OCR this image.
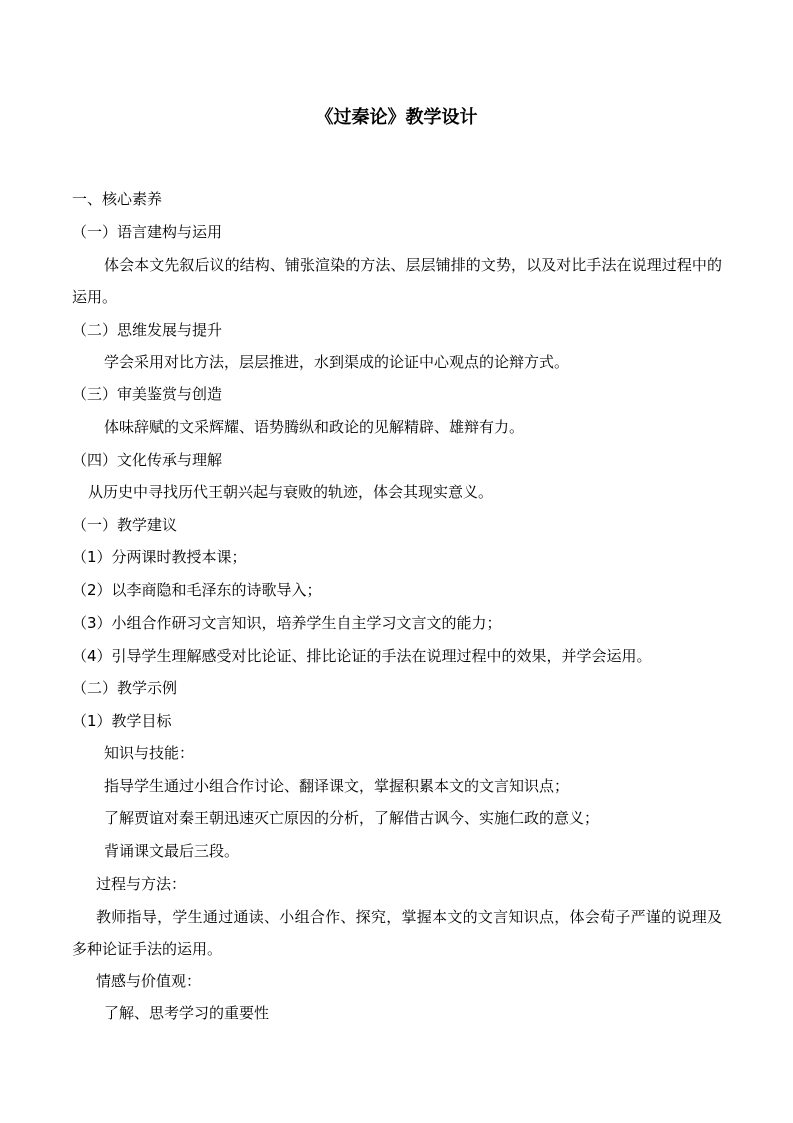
《过秦论》教学设计
一、核心素养
（一）语言建构与运用
体会本文先叙后议的结构、铺张渲染的方法、层层铺排的文势，以及对比手法在说理过程中的运用。
（二）思维发展与提升
学会采用对比方法，层层推进，水到渠成的论证中心观点的论辩方式。
（三）审美鉴赏与创造
体味辞赋的文采辉耀、语势腾纵和政论的见解精辟、雄辩有力。
（四）文化传承与理解
从历史中寻找历代王朝兴起与衰败的轨迹，体会其现实意义。
（一）教学建议
（1）分两课时教授本课；
（2）以李商隐和毛泽东的诗歌导入；
（3）小组合作研习文言知识，培养学生自主学习文言文的能力；
（4）引导学生理解感受对比论证、排比论证的手法在说理过程中的效果，并学会运用。
（二）教学示例
（1）教学目标
知识与技能：
指导学生通过小组合作讨论、翻译课文，掌握积累本文的文言知识点；
了解贾谊对秦王朝迅速灭亡原因的分析，了解借古讽今、实施仁政的意义；
背诵课文最后三段。
过程与方法：
教师指导，学生通过通读、小组合作、探究，掌握本文的文言知识点，体会荀子严谨的说理及多种论证手法的运用。
情感与价值观：
了解、思考学习的重要性
